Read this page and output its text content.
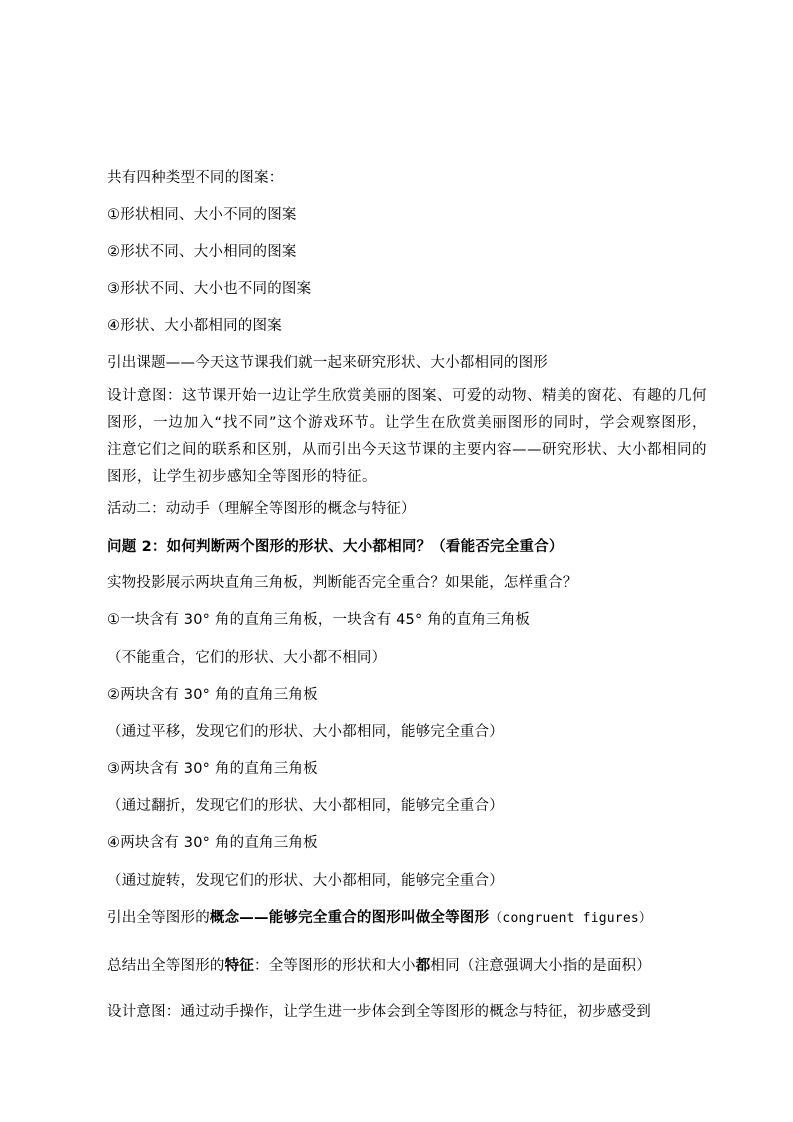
共有四种类型不同的图案：
①形状相同、大小不同的图案
②形状不同、大小相同的图案
③形状不同、大小也不同的图案
④形状、大小都相同的图案
引出课题——今天这节课我们就一起来研究形状、大小都相同的图形
设计意图：这节课开始一边让学生欣赏美丽的图案、可爱的动物、精美的窗花、有趣的几何图形，一边加入“找不同”这个游戏环节。让学生在欣赏美丽图形的同时，学会观察图形，注意它们之间的联系和区别，从而引出今天这节课的主要内容——研究形状、大小都相同的图形，让学生初步感知全等图形的特征。
活动二：动动手（理解全等图形的概念与特征）
问题 2：如何判断两个图形的形状、大小都相同？（看能否完全重合）
实物投影展示两块直角三角板，判断能否完全重合？如果能，怎样重合？
①一块含有 30° 角的直角三角板，一块含有 45° 角的直角三角板
（不能重合，它们的形状、大小都不相同）
②两块含有 30° 角的直角三角板
（通过平移，发现它们的形状、大小都相同，能够完全重合）
③两块含有 30° 角的直角三角板
（通过翻折，发现它们的形状、大小都相同，能够完全重合）
④两块含有 30° 角的直角三角板
（通过旋转，发现它们的形状、大小都相同，能够完全重合）
引出全等图形的概念——能够完全重合的图形叫做全等图形（congruent figures）
总结出全等图形的特征：全等图形的形状和大小都相同（注意强调大小指的是面积）
设计意图：通过动手操作，让学生进一步体会到全等图形的概念与特征，初步感受到
